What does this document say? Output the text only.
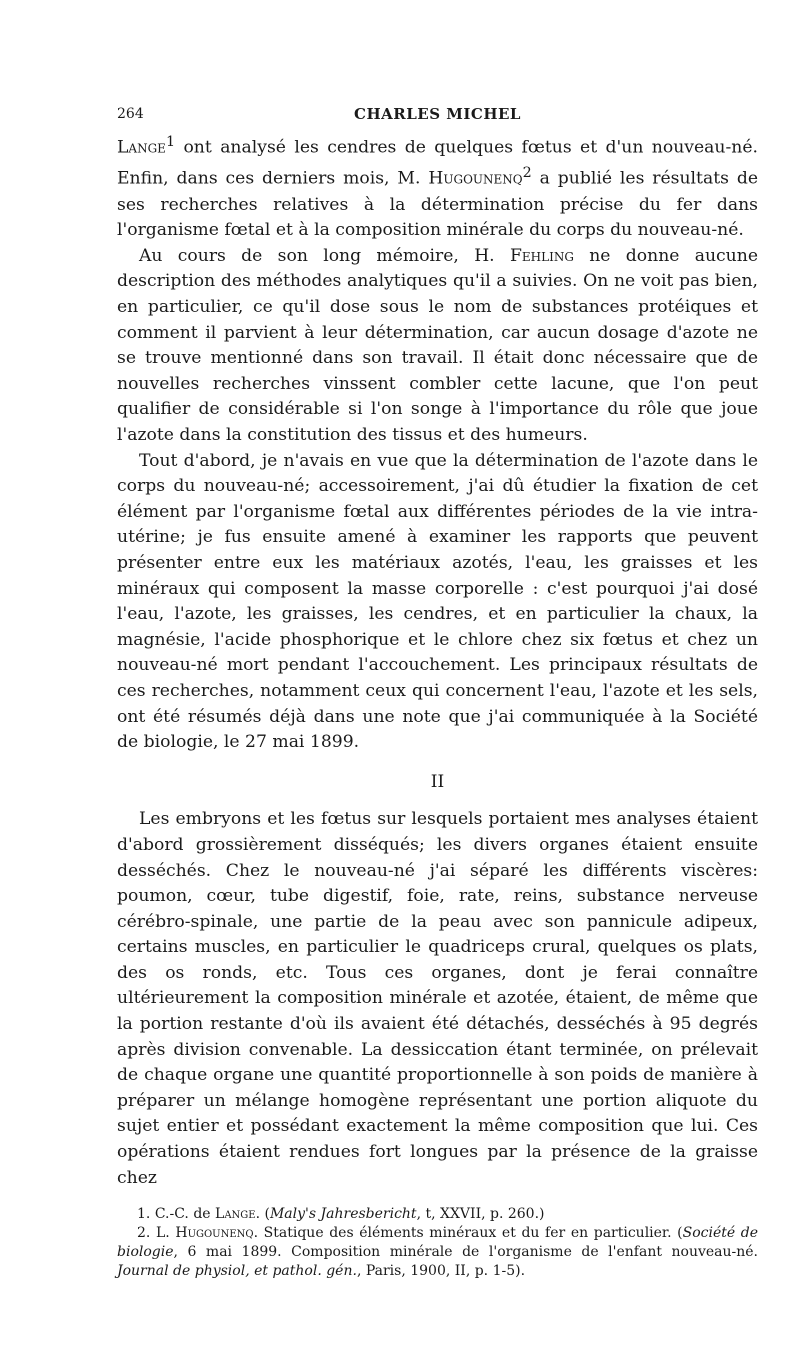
264	CHARLES MICHEL

Lange$^1$ ont analysé les cendres de quelques fœtus et d'un nouveau-né. Enfin, dans ces derniers mois, M. Hugounenq$^2$ a publié les résultats de ses recherches relatives à la détermination précise du fer dans l'organisme fœtal et à la composition minérale du corps du nouveau-né.

Au cours de son long mémoire, H. Fehling ne donne aucune description des méthodes analytiques qu'il a suivies. On ne voit pas bien, en particulier, ce qu'il dose sous le nom de substances protéiques et comment il parvient à leur détermination, car aucun dosage d'azote ne se trouve mentionné dans son travail. Il était donc nécessaire que de nouvelles recherches vinssent combler cette lacune, que l'on peut qualifier de considérable si l'on songe à l'importance du rôle que joue l'azote dans la constitution des tissus et des humeurs.

Tout d'abord, je n'avais en vue que la détermination de l'azote dans le corps du nouveau-né; accessoirement, j'ai dû étudier la fixation de cet élément par l'organisme fœtal aux différentes périodes de la vie intra-utérine; je fus ensuite amené à examiner les rapports que peuvent présenter entre eux les matériaux azotés, l'eau, les graisses et les minéraux qui composent la masse corporelle : c'est pourquoi j'ai dosé l'eau, l'azote, les graisses, les cendres, et en particulier la chaux, la magnésie, l'acide phosphorique et le chlore chez six fœtus et chez un nouveau-né mort pendant l'accouchement. Les principaux résultats de ces recherches, notamment ceux qui concernent l'eau, l'azote et les sels, ont été résumés déjà dans une note que j'ai communiquée à la Société de biologie, le 27 mai 1899.

II

Les embryons et les fœtus sur lesquels portaient mes analyses étaient d'abord grossièrement disséqués; les divers organes étaient ensuite desséchés. Chez le nouveau-né j'ai séparé les différents viscères: poumon, cœur, tube digestif, foie, rate, reins, substance nerveuse cérébro-spinale, une partie de la peau avec son pannicule adipeux, certains muscles, en particulier le quadriceps crural, quelques os plats, des os ronds, etc. Tous ces organes, dont je ferai connaître ultérieurement la composition minérale et azotée, étaient, de même que la portion restante d'où ils avaient été détachés, desséchés à 95 degrés après division convenable. La dessiccation étant terminée, on prélevait de chaque organe une quantité proportionnelle à son poids de manière à préparer un mélange homogène représentant une portion aliquote du sujet entier et possédant exactement la même composition que lui. Ces opérations étaient rendues fort longues par la présence de la graisse chez

1. C.-C. de Lange. (Maly's Jahresbericht, t, XXVII, p. 260.)

2. L. Hugounenq. Statique des éléments minéraux et du fer en particulier. (Société de biologie, 6 mai 1899. Composition minérale de l'organisme de l'enfant nouveau-né. Journal de physiol, et pathol. gén., Paris, 1900, II, p. 1-5).
